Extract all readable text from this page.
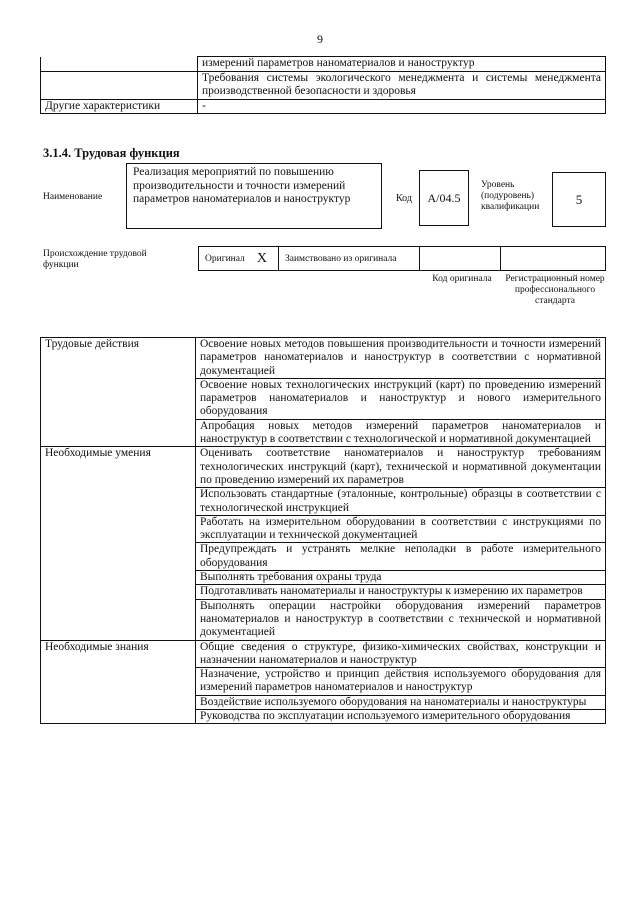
9
	измерений параметров наноматериалов и наноструктур
	Требования системы экологического менеджмента и системы менеджмента производственной безопасности и здоровья
Другие характеристики	-
3.1.4. Трудовая функция
Наименование
Реализация мероприятий по повышению производительности и точности измерений параметров наноматериалов и наноструктур	Код	А/04.5
Уровень (подуровень) квалификации
5
Происхождение трудовой функции
Оригинал X	Заимствовано из оригинала
Код оригинала Регистрационный номер профессионального стандарта
Трудовые действия	Освоение новых методов повышения производительности и точности измерений параметров наноматериалов и наноструктур в соответствии с нормативной документацией
	Освоение новых технологических инструкций (карт) по проведению измерений параметров наноматериалов и наноструктур и нового измерительного оборудования
	Апробация новых методов измерений параметров наноматериалов и наноструктур в соответствии с технологической и нормативной документацией
Необходимые умения	Оценивать соответствие наноматериалов и наноструктур требованиям технологических инструкций (карт), технической и нормативной документации по проведению измерений их параметров
	Использовать стандартные (эталонные, контрольные) образцы в соответствии с технологической инструкцией
	Работать на измерительном оборудовании в соответствии с инструкциями по эксплуатации и технической документацией
	Предупреждать и устранять мелкие неполадки в работе измерительного оборудования
	Выполнять требования охраны труда
	Подготавливать наноматериалы и наноструктуры к измерению их параметров
	Выполнять операции настройки оборудования измерений параметров наноматериалов и наноструктур в соответствии с технической и нормативной документацией
Необходимые знания	Общие сведения о структуре, физико-химических свойствах, конструкции и назначении наноматериалов и наноструктур
	Назначение, устройство и принцип действия используемого оборудования для измерений параметров наноматериалов и наноструктур
	Воздействие используемого оборудования на наноматериалы и наноструктуры
	Руководства по эксплуатации используемого измерительного оборудования
